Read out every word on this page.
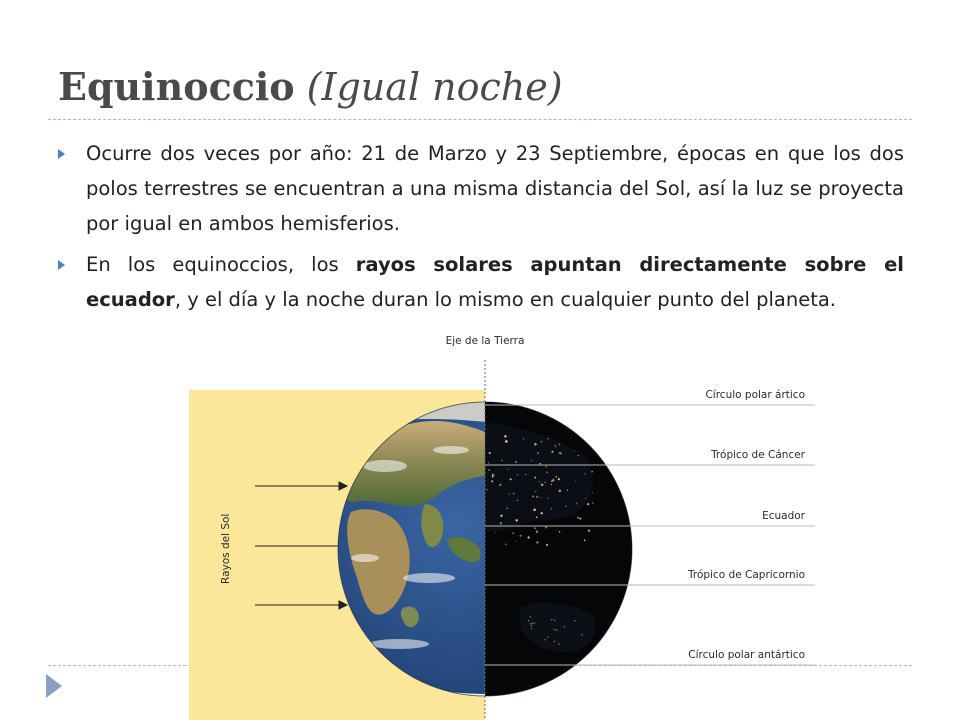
Equinoccio (Igual noche)
Ocurre dos veces por año: 21 de Marzo y 23 Septiembre, épocas en que los dos polos terrestres se encuentran a una misma distancia del Sol, así la luz se proyecta por igual en ambos hemisferios.
En los equinoccios, los rayos solares apuntan directamente sobre el ecuador, y el día y la noche duran lo mismo en cualquier punto del planeta.
Rayos del Sol
Eje de la Tierra
Círculo polar ártico
Trópico de Cáncer
Ecuador
Trópico de Capricornio
Círculo polar antártico
